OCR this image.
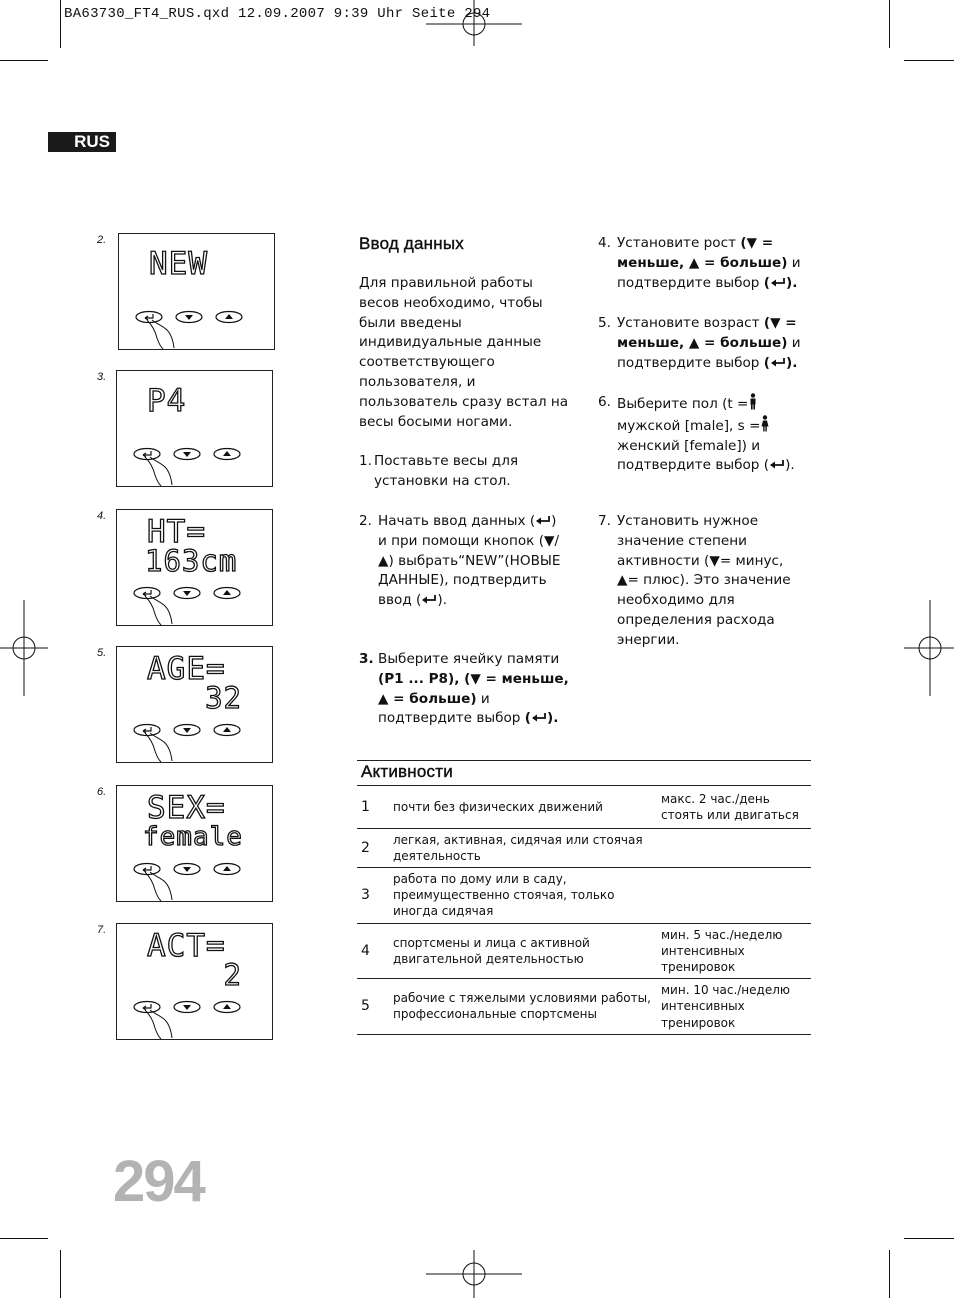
BA63730_FT4_RUS.qxd 12.09.2007 9:39 Uhr Seite 294
RUS
2.
NEW
3.
P4
4. HT=
163cm
5. AGE=
32
6. SEX=
female
7. ACT=
2
Ввод данных
Для правильной работы весов необходимо, чтобы были введены индивидуальные данные соответствующего пользователя, и пользователь сразу встал на весы босыми ногами.
1. Поставьте весы для установки на стол.
2. Начать ввод данных ( ) и при помощи кнопок (▼/▲) выбрать“NEW”(НОВЫЕ ДАННЫЕ), подтвердить ввод ( ).
3. Выберите ячейку памяти (P1 ... P8), (▼ = меньше, ▲ = больше) и подтвердите выбор ( ).
4. Установите рост (▼ = меньше, ▲ = больше) и подтвердите выбор ( ).
5. Установите возраст (▼ = меньше, ▲ = больше) и подтвердите выбор ( ).
6. Выберите пол (t = мужской [male], s = женский [female]) и подтвердите выбор ( ).
7. Установить нужное значение степени активности (▼= минус, ▲= плюс). Это значение необходимо для определения расхода энергии.
Активности
1	почти без физических движений	макс. 2 час./день стоять или двигаться
2	легкая, активная, сидячая или стоячая деятельность	
3	работа по дому или в саду, преимущественно стоячая, только иногда сидячая	
4	спортсмены и лица с активной двигательной деятельностью	мин. 5 час./неделю интенсивных тренировок
5	рабочие с тяжелыми условиями работы, профессиональные спортсмены	мин. 10 час./неделю интенсивных тренировок
294
